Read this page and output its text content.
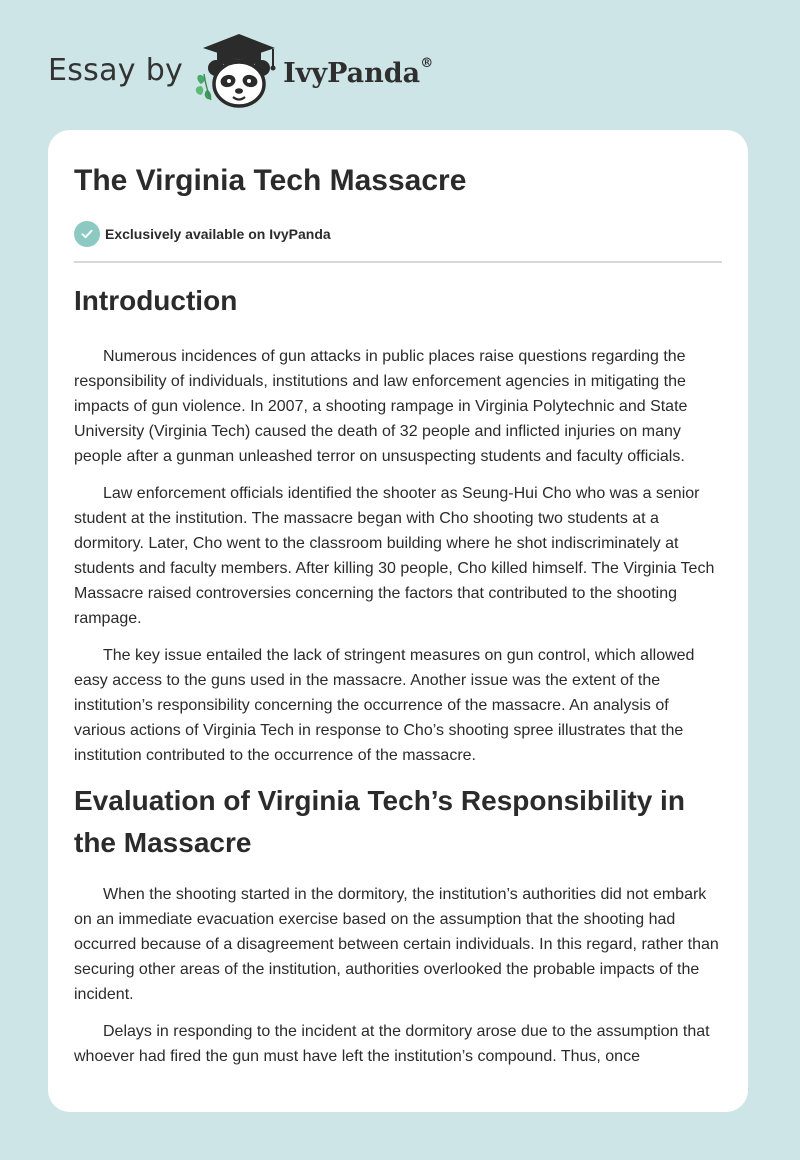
Essay by	IvyPanda®
The Virginia Tech Massacre
Exclusively available on IvyPanda
Introduction

Numerous incidences of gun attacks in public places raise questions regarding the responsibility of individuals, institutions and law enforcement agencies in mitigating the impacts of gun violence. In 2007, a shooting rampage in Virginia Polytechnic and State University (Virginia Tech) caused the death of 32 people and inflicted injuries on many people after a gunman unleashed terror on unsuspecting students and faculty officials.

Law enforcement officials identified the shooter as Seung-Hui Cho who was a senior student at the institution. The massacre began with Cho shooting two students at a dormitory. Later, Cho went to the classroom building where he shot indiscriminately at students and faculty members. After killing 30 people, Cho killed himself. The Virginia Tech Massacre raised controversies concerning the factors that contributed to the shooting rampage.

The key issue entailed the lack of stringent measures on gun control, which allowed easy access to the guns used in the massacre. Another issue was the extent of the institution’s responsibility concerning the occurrence of the massacre. An analysis of various actions of Virginia Tech in response to Cho’s shooting spree illustrates that the institution contributed to the occurrence of the massacre.

Evaluation of Virginia Tech’s Responsibility in the Massacre

When the shooting started in the dormitory, the institution’s authorities did not embark on an immediate evacuation exercise based on the assumption that the shooting had occurred because of a disagreement between certain individuals. In this regard, rather than securing other areas of the institution, authorities overlooked the probable impacts of the incident.

Delays in responding to the incident at the dormitory arose due to the assumption that whoever had fired the gun must have left the institution’s compound. Thus, once
